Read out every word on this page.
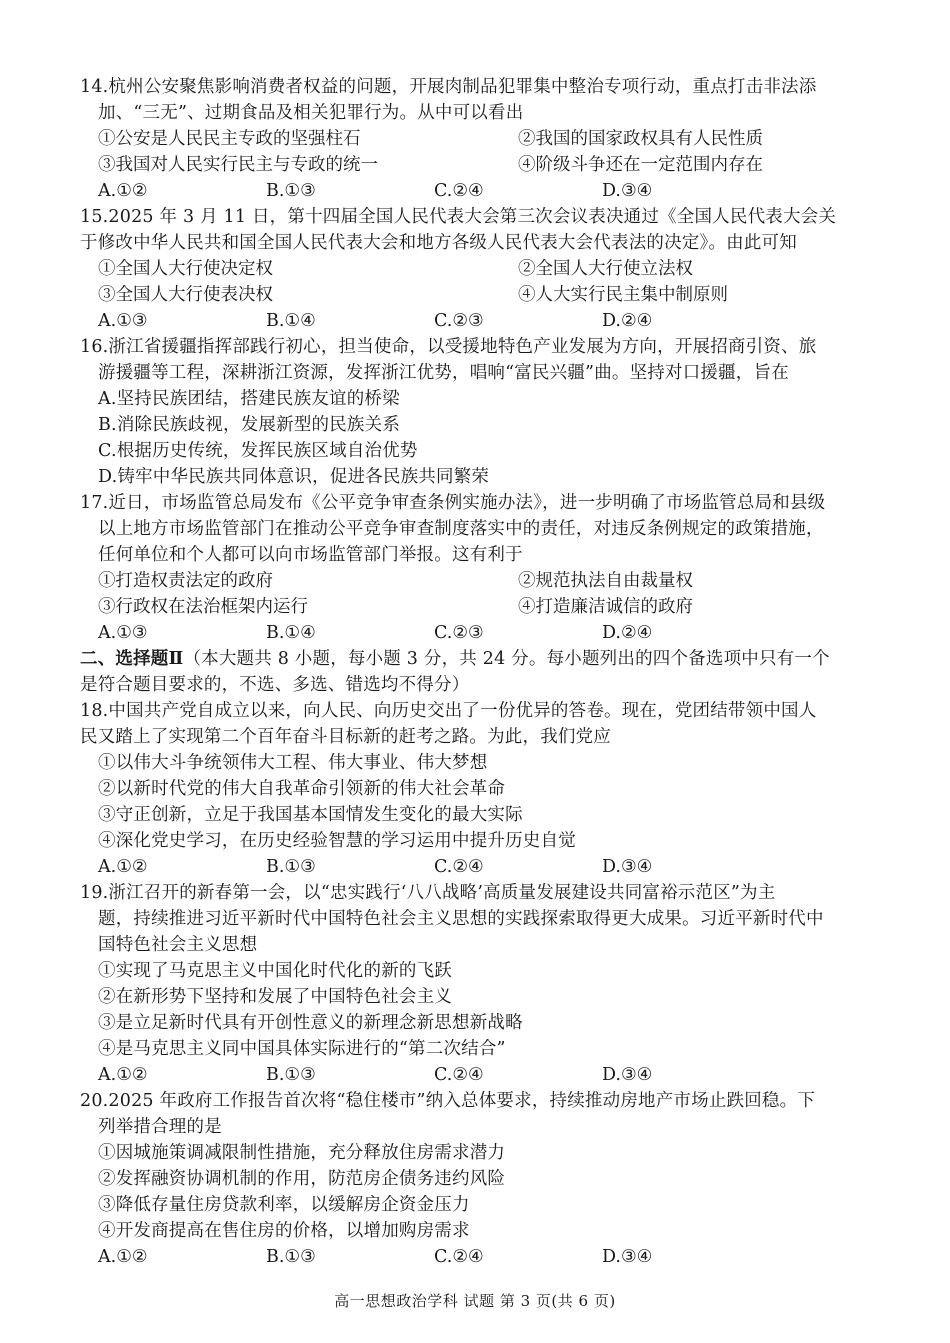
14.杭州公安聚焦影响消费者权益的问题，开展肉制品犯罪集中整治专项行动，重点打击非法添
加、“三无”、过期食品及相关犯罪行为。从中可以看出
①公安是人民民主专政的坚强柱石	②我国的国家政权具有人民性质
③我国对人民实行民主与专政的统一	④阶级斗争还在一定范围内存在
A.①②	B.①③	C.②④	D.③④
15.2025 年 3 月 11 日，第十四届全国人民代表大会第三次会议表决通过《全国人民代表大会关
于修改中华人民共和国全国人民代表大会和地方各级人民代表大会代表法的决定》。由此可知
①全国人大行使决定权	②全国人大行使立法权
③全国人大行使表决权	④人大实行民主集中制原则
A.①③	B.①④	C.②③	D.②④
16.浙江省援疆指挥部践行初心，担当使命，以受援地特色产业发展为方向，开展招商引资、旅
游援疆等工程，深耕浙江资源，发挥浙江优势，唱响“富民兴疆”曲。坚持对口援疆，旨在
A.坚持民族团结，搭建民族友谊的桥梁
B.消除民族歧视，发展新型的民族关系
C.根据历史传统，发挥民族区域自治优势
D.铸牢中华民族共同体意识，促进各民族共同繁荣
17.近日，市场监管总局发布《公平竞争审查条例实施办法》，进一步明确了市场监管总局和县级
以上地方市场监管部门在推动公平竞争审查制度落实中的责任，对违反条例规定的政策措施，
任何单位和个人都可以向市场监管部门举报。这有利于
①打造权责法定的政府	②规范执法自由裁量权
③行政权在法治框架内运行	④打造廉洁诚信的政府
A.①③	B.①④	C.②③	D.②④
二、选择题Ⅱ（本大题共 8 小题，每小题 3 分，共 24 分。每小题列出的四个备选项中只有一个
是符合题目要求的，不选、多选、错选均不得分）
18.中国共产党自成立以来，向人民、向历史交出了一份优异的答卷。现在，党团结带领中国人
民又踏上了实现第二个百年奋斗目标新的赶考之路。为此，我们党应
①以伟大斗争统领伟大工程、伟大事业、伟大梦想
②以新时代党的伟大自我革命引领新的伟大社会革命
③守正创新，立足于我国基本国情发生变化的最大实际
④深化党史学习，在历史经验智慧的学习运用中提升历史自觉
A.①②	B.①③	C.②④	D.③④
19.浙江召开的新春第一会，以“忠实践行‘八八战略’高质量发展建设共同富裕示范区”为主
题，持续推进习近平新时代中国特色社会主义思想的实践探索取得更大成果。习近平新时代中
国特色社会主义思想
①实现了马克思主义中国化时代化的新的飞跃
②在新形势下坚持和发展了中国特色社会主义
③是立足新时代具有开创性意义的新理念新思想新战略
④是马克思主义同中国具体实际进行的“第二次结合”
A.①②	B.①③	C.②④	D.③④
20.2025 年政府工作报告首次将“稳住楼市”纳入总体要求，持续推动房地产市场止跌回稳。下
列举措合理的是
①因城施策调减限制性措施，充分释放住房需求潜力
②发挥融资协调机制的作用，防范房企债务违约风险
③降低存量住房贷款利率，以缓解房企资金压力
④开发商提高在售住房的价格，以增加购房需求
A.①②	B.①③	C.②④	D.③④
高一思想政治学科 试题 第 3 页(共 6 页)
